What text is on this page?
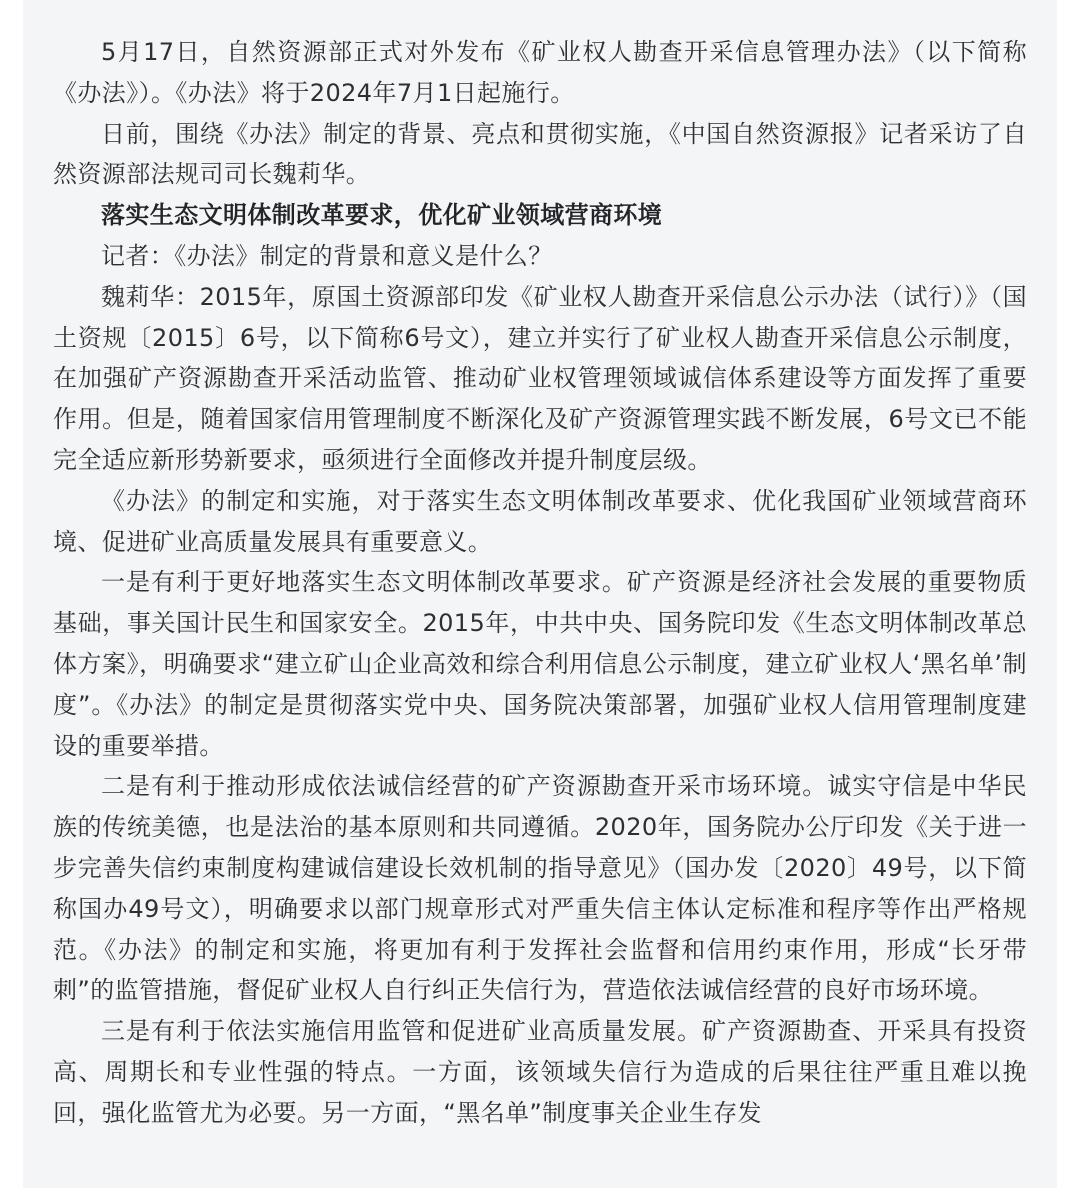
5月17日，自然资源部正式对外发布《矿业权人勘查开采信息管理办法》（以下简称《办法》）。《办法》将于2024年7月1日起施行。

日前，围绕《办法》制定的背景、亮点和贯彻实施，《中国自然资源报》记者采访了自然资源部法规司司长魏莉华。

落实生态文明体制改革要求，优化矿业领域营商环境

记者：《办法》制定的背景和意义是什么？

魏莉华：2015年，原国土资源部印发《矿业权人勘查开采信息公示办法（试行）》（国土资规〔2015〕6号，以下简称6号文），建立并实行了矿业权人勘查开采信息公示制度，在加强矿产资源勘查开采活动监管、推动矿业权管理领域诚信体系建设等方面发挥了重要作用。但是，随着国家信用管理制度不断深化及矿产资源管理实践不断发展，6号文已不能完全适应新形势新要求，亟须进行全面修改并提升制度层级。

《办法》的制定和实施，对于落实生态文明体制改革要求、优化我国矿业领域营商环境、促进矿业高质量发展具有重要意义。

一是有利于更好地落实生态文明体制改革要求。矿产资源是经济社会发展的重要物质基础，事关国计民生和国家安全。2015年，中共中央、国务院印发《生态文明体制改革总体方案》，明确要求“建立矿山企业高效和综合利用信息公示制度，建立矿业权人‘黑名单’制度”。《办法》的制定是贯彻落实党中央、国务院决策部署，加强矿业权人信用管理制度建设的重要举措。

二是有利于推动形成依法诚信经营的矿产资源勘查开采市场环境。诚实守信是中华民族的传统美德，也是法治的基本原则和共同遵循。2020年，国务院办公厅印发《关于进一步完善失信约束制度构建诚信建设长效机制的指导意见》（国办发〔2020〕49号，以下简称国办49号文），明确要求以部门规章形式对严重失信主体认定标准和程序等作出严格规范。《办法》的制定和实施，将更加有利于发挥社会监督和信用约束作用，形成“长牙带刺”的监管措施，督促矿业权人自行纠正失信行为，营造依法诚信经营的良好市场环境。

三是有利于依法实施信用监管和促进矿业高质量发展。矿产资源勘查、开采具有投资高、周期长和专业性强的特点。一方面，该领域失信行为造成的后果往往严重且难以挽回，强化监管尤为必要。另一方面，“黑名单”制度事关企业生存发
